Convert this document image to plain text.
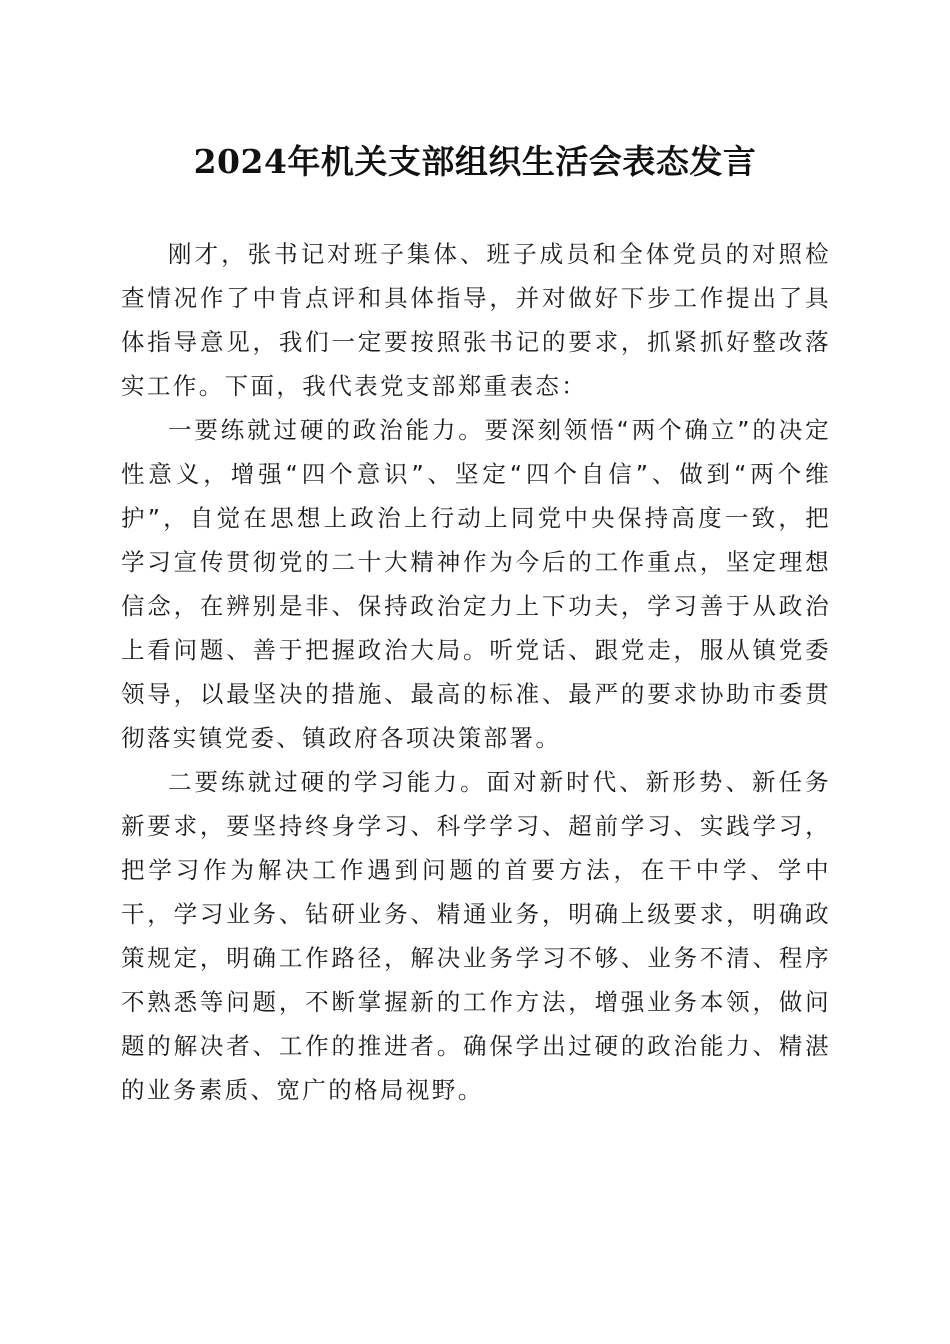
2024年机关支部组织生活会表态发言

刚才，张书记对班子集体、班子成员和全体党员的对照检查情况作了中肯点评和具体指导，并对做好下步工作提出了具体指导意见，我们一定要按照张书记的要求，抓紧抓好整改落实工作。下面，我代表党支部郑重表态：

一要练就过硬的政治能力。要深刻领悟“两个确立”的决定性意义，增强“四个意识”、坚定“四个自信”、做到“两个维护”，自觉在思想上政治上行动上同党中央保持高度一致，把学习宣传贯彻党的二十大精神作为今后的工作重点，坚定理想信念，在辨别是非、保持政治定力上下功夫，学习善于从政治上看问题、善于把握政治大局。听党话、跟党走，服从镇党委领导，以最坚决的措施、最高的标准、最严的要求协助市委贯彻落实镇党委、镇政府各项决策部署。

二要练就过硬的学习能力。面对新时代、新形势、新任务新要求，要坚持终身学习、科学学习、超前学习、实践学习，把学习作为解决工作遇到问题的首要方法，在干中学、学中干，学习业务、钻研业务、精通业务，明确上级要求，明确政策规定，明确工作路径，解决业务学习不够、业务不清、程序不熟悉等问题，不断掌握新的工作方法，增强业务本领，做问题的解决者、工作的推进者。确保学出过硬的政治能力、精湛的业务素质、宽广的格局视野。
